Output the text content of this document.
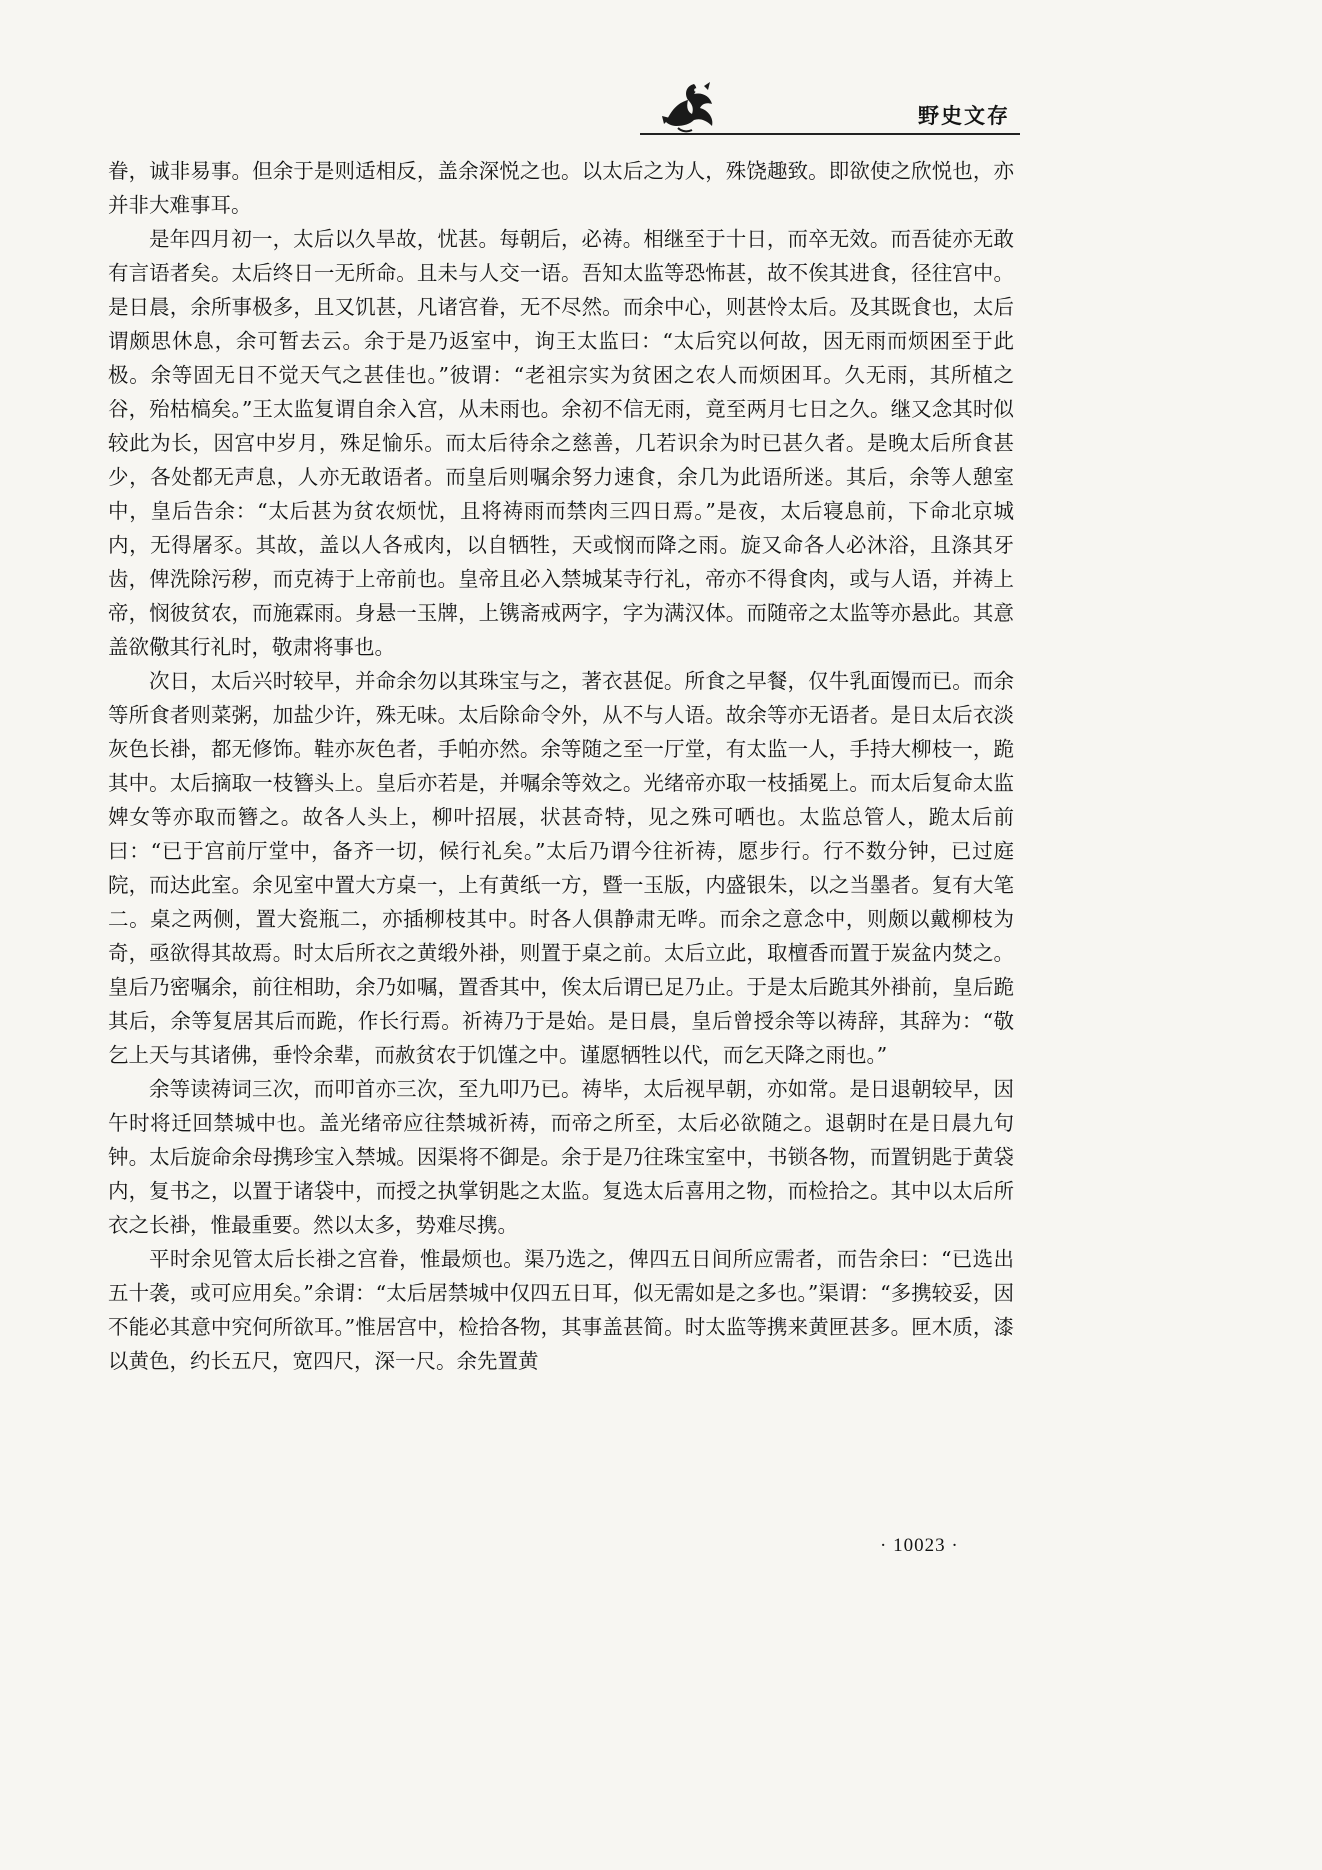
野史文存

眷，诚非易事。但余于是则适相反，盖余深悦之也。以太后之为人，殊饶趣致。即欲使之欣悦也，亦并非大难事耳。

是年四月初一，太后以久旱故，忧甚。每朝后，必祷。相继至于十日，而卒无效。而吾徒亦无敢有言语者矣。太后终日一无所命。且未与人交一语。吾知太监等恐怖甚，故不俟其进食，径往宫中。是日晨，余所事极多，且又饥甚，凡诸宫眷，无不尽然。而余中心，则甚怜太后。及其既食也，太后谓颇思休息，余可暂去云。余于是乃返室中，询王太监曰：“太后究以何故，因无雨而烦困至于此极。余等固无日不觉天气之甚佳也。”彼谓：“老祖宗实为贫困之农人而烦困耳。久无雨，其所植之谷，殆枯槁矣。”王太监复谓自余入宫，从未雨也。余初不信无雨，竟至两月七日之久。继又念其时似较此为长，因宫中岁月，殊足愉乐。而太后待余之慈善，几若识余为时已甚久者。是晚太后所食甚少，各处都无声息，人亦无敢语者。而皇后则嘱余努力速食，余几为此语所迷。其后，余等人憩室中，皇后告余：“太后甚为贫农烦忧，且将祷雨而禁肉三四日焉。”是夜，太后寝息前，下命北京城内，无得屠豕。其故，盖以人各戒肉，以自牺牲，天或悯而降之雨。旋又命各人必沐浴，且涤其牙齿，俾洗除污秽，而克祷于上帝前也。皇帝且必入禁城某寺行礼，帝亦不得食肉，或与人语，并祷上帝，悯彼贫农，而施霖雨。身悬一玉牌，上镌斋戒两字，字为满汉体。而随帝之太监等亦悬此。其意盖欲儆其行礼时，敬肃将事也。

次日，太后兴时较早，并命余勿以其珠宝与之，著衣甚促。所食之早餐，仅牛乳面馒而已。而余等所食者则菜粥，加盐少许，殊无味。太后除命令外，从不与人语。故余等亦无语者。是日太后衣淡灰色长褂，都无修饰。鞋亦灰色者，手帕亦然。余等随之至一厅堂，有太监一人，手持大柳枝一，跪其中。太后摘取一枝簪头上。皇后亦若是，并嘱余等效之。光绪帝亦取一枝插冕上。而太后复命太监婢女等亦取而簪之。故各人头上，柳叶招展，状甚奇特，见之殊可哂也。太监总管人，跪太后前曰：“已于宫前厅堂中，备齐一切，候行礼矣。”太后乃谓今往祈祷，愿步行。行不数分钟，已过庭院，而达此室。余见室中置大方桌一，上有黄纸一方，暨一玉版，内盛银朱，以之当墨者。复有大笔二。桌之两侧，置大瓷瓶二，亦插柳枝其中。时各人俱静肃无哗。而余之意念中，则颇以戴柳枝为奇，亟欲得其故焉。时太后所衣之黄缎外褂，则置于桌之前。太后立此，取檀香而置于炭盆内焚之。皇后乃密嘱余，前往相助，余乃如嘱，置香其中，俟太后谓已足乃止。于是太后跪其外褂前，皇后跪其后，余等复居其后而跪，作长行焉。祈祷乃于是始。是日晨，皇后曾授余等以祷辞，其辞为：“敬乞上天与其诸佛，垂怜余辈，而赦贫农于饥馑之中。谨愿牺牲以代，而乞天降之雨也。”

余等读祷词三次，而叩首亦三次，至九叩乃已。祷毕，太后视早朝，亦如常。是日退朝较早，因午时将迁回禁城中也。盖光绪帝应往禁城祈祷，而帝之所至，太后必欲随之。退朝时在是日晨九句钟。太后旋命余母携珍宝入禁城。因渠将不御是。余于是乃往珠宝室中，书锁各物，而置钥匙于黄袋内，复书之，以置于诸袋中，而授之执掌钥匙之太监。复选太后喜用之物，而检拾之。其中以太后所衣之长褂，惟最重要。然以太多，势难尽携。

平时余见管太后长褂之宫眷，惟最烦也。渠乃选之，俾四五日间所应需者，而告余曰：“已选出五十袭，或可应用矣。”余谓：“太后居禁城中仅四五日耳，似无需如是之多也。”渠谓：“多携较妥，因不能必其意中究何所欲耳。”惟居宫中，检拾各物，其事盖甚简。时太监等携来黄匣甚多。匣木质，漆以黄色，约长五尺，宽四尺，深一尺。余先置黄

· 10023 ·
